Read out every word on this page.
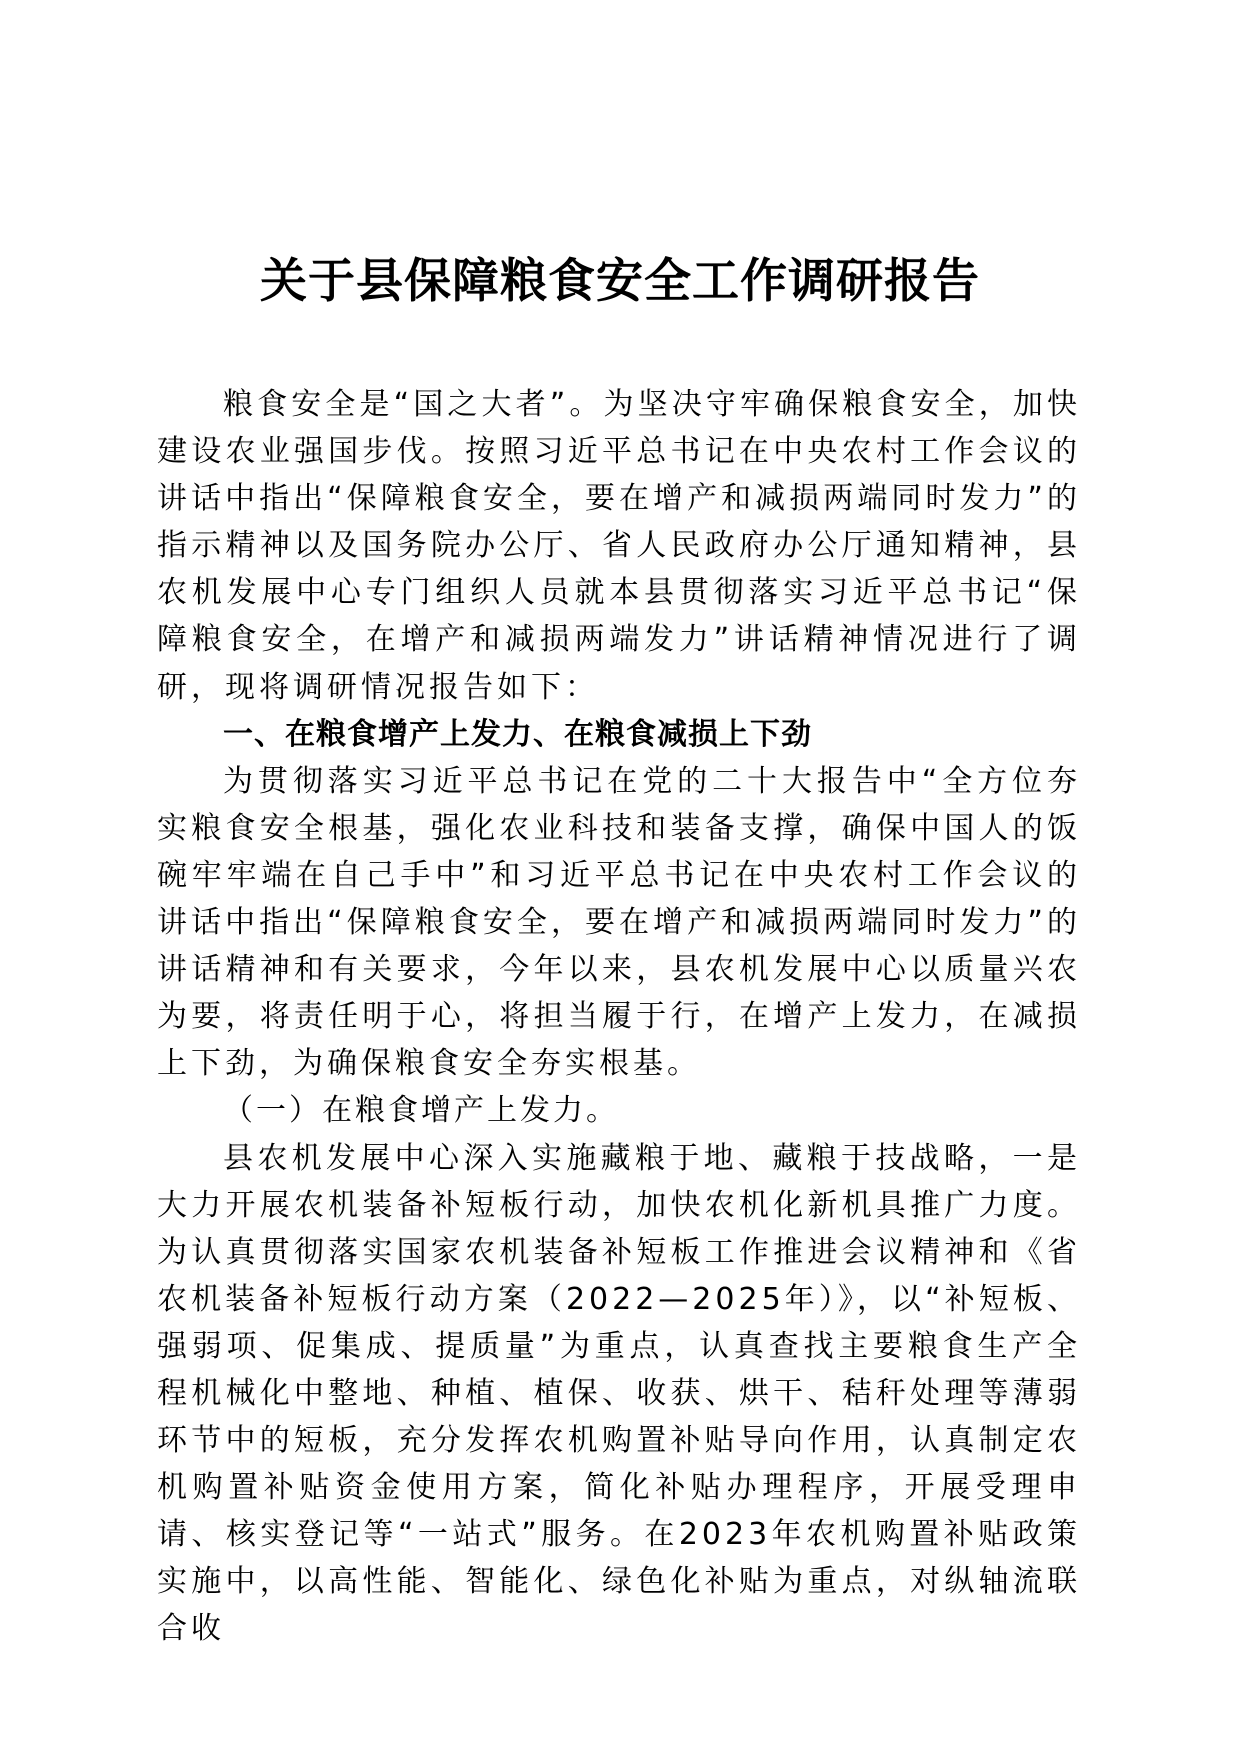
关于县保障粮食安全工作调研报告

粮食安全是“国之大者”。为坚决守牢确保粮食安全，加快建设农业强国步伐。按照习近平总书记在中央农村工作会议的讲话中指出“保障粮食安全，要在增产和减损两端同时发力”的指示精神以及国务院办公厅、省人民政府办公厅通知精神，县农机发展中心专门组织人员就本县贯彻落实习近平总书记“保障粮食安全，在增产和减损两端发力”讲话精神情况进行了调研，现将调研情况报告如下：

一、在粮食增产上发力、在粮食减损上下劲

为贯彻落实习近平总书记在党的二十大报告中“全方位夯实粮食安全根基，强化农业科技和装备支撑，确保中国人的饭碗牢牢端在自己手中”和习近平总书记在中央农村工作会议的讲话中指出“保障粮食安全，要在增产和减损两端同时发力”的讲话精神和有关要求，今年以来，县农机发展中心以质量兴农为要，将责任明于心，将担当履于行，在增产上发力，在减损上下劲，为确保粮食安全夯实根基。

（一）在粮食增产上发力。

县农机发展中心深入实施藏粮于地、藏粮于技战略，一是大力开展农机装备补短板行动，加快农机化新机具推广力度。为认真贯彻落实国家农机装备补短板工作推进会议精神和《省农机装备补短板行动方案（2022—2025年）》，以“补短板、强弱项、促集成、提质量”为重点，认真查找主要粮食生产全程机械化中整地、种植、植保、收获、烘干、秸秆处理等薄弱环节中的短板，充分发挥农机购置补贴导向作用，认真制定农机购置补贴资金使用方案，简化补贴办理程序，开展受理申请、核实登记等“一站式”服务。在2023年农机购置补贴政策实施中，以高性能、智能化、绿色化补贴为重点，对纵轴流联合收
